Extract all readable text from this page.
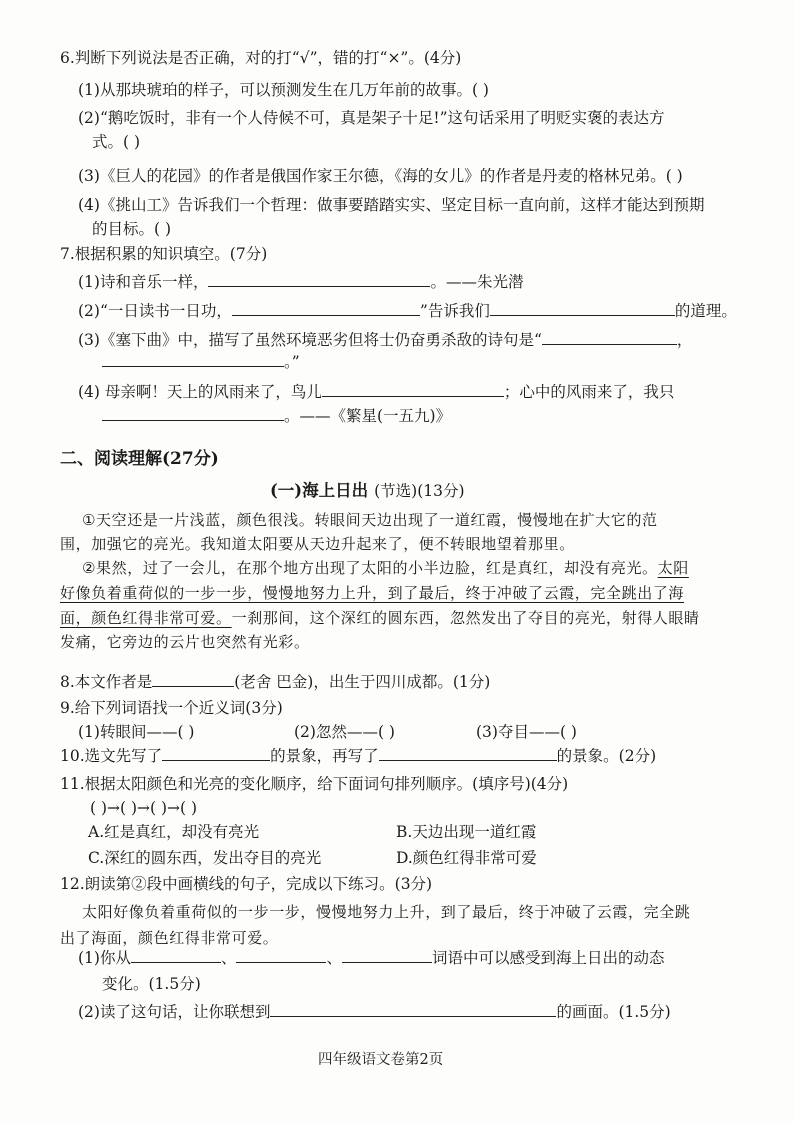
6.判断下列说法是否正确，对的打“√”，错的打“×”。(4分)
(1)从那块琥珀的样子，可以预测发生在几万年前的故事。( )
(2)“鹅吃饭时，非有一个人侍候不可，真是架子十足!”这句话采用了明贬实褒的表达方
式。( )
(3)《巨人的花园》的作者是俄国作家王尔德，《海的女儿》的作者是丹麦的格林兄弟。( )
(4)《挑山工》告诉我们一个哲理：做事要踏踏实实、坚定目标一直向前，这样才能达到预期
的目标。( )
7.根据积累的知识填空。(7分)
(1)诗和音乐一样，	。——朱光潜
(2)“一日读书一日功，	”告诉我们	的道理。
(3)《塞下曲》中，描写了虽然环境恶劣但将士仍奋勇杀敌的诗句是“	，
。”
(4) 母亲啊！天上的风雨来了，鸟儿	；心中的风雨来了，我只
。——《繁星(一五九)》
二、阅读理解(27分)
(一)海上日出 (节选)(13分)
①天空还是一片浅蓝，颜色很浅。转眼间天边出现了一道红霞，慢慢地在扩大它的范
围，加强它的亮光。我知道太阳要从天边升起来了，便不转眼地望着那里。
②果然，过了一会儿，在那个地方出现了太阳的小半边脸，红是真红，却没有亮光。太阳
好像负着重荷似的一步一步，慢慢地努力上升，到了最后，终于冲破了云霞，完全跳出了海
面，颜色红得非常可爱。一刹那间，这个深红的圆东西，忽然发出了夺目的亮光，射得人眼睛
发痛，它旁边的云片也突然有光彩。
8.本文作者是	(老舍 巴金)，出生于四川成都。(1分)
9.给下列词语找一个近义词(3分)
(1)转眼间——( )	(2)忽然——( )	(3)夺目——( )
10.选文先写了	的景象，再写了	的景象。(2分)
11.根据太阳颜色和光亮的变化顺序，给下面词句排列顺序。(填序号)(4分)
( )→( )→( )→( )
A.红是真红，却没有亮光	B.天边出现一道红霞
C.深红的圆东西，发出夺目的亮光	D.颜色红得非常可爱
12.朗读第②段中画横线的句子，完成以下练习。(3分)
太阳好像负着重荷似的一步一步，慢慢地努力上升，到了最后，终于冲破了云霞，完全跳
出了海面，颜色红得非常可爱。
(1)你从	、	、	词语中可以感受到海上日出的动态
变化。(1.5分)
(2)读了这句话，让你联想到	的画面。(1.5分)
四年级语文卷第2页
